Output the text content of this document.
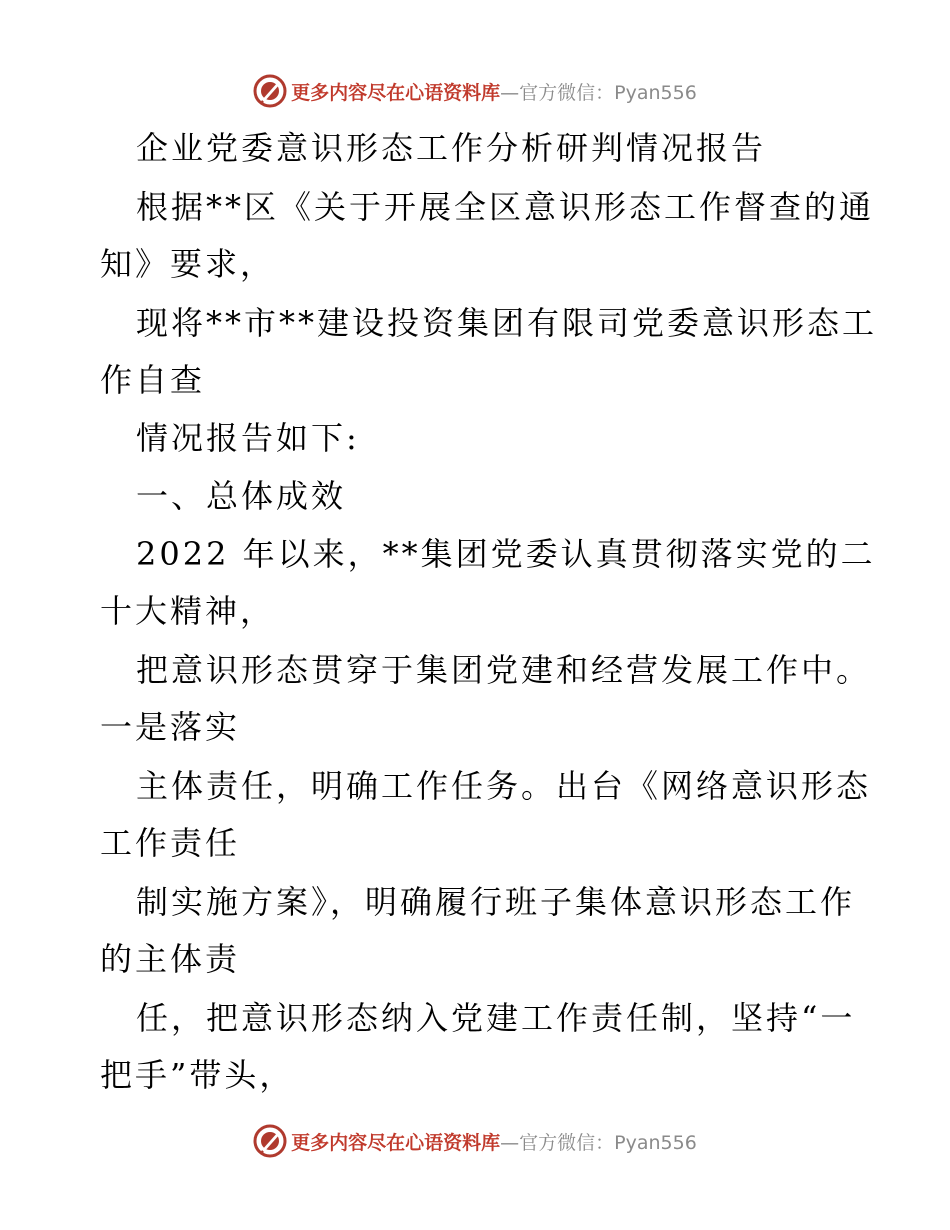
更多内容尽在心语资料库—官方微信：Pyan556
企业党委意识形态工作分析研判情况报告
根据**区《关于开展全区意识形态工作督查的通
知》要求，
现将**市**建设投资集团有限司党委意识形态工
作自查
情况报告如下:
一、总体成效
2022 年以来，**集团党委认真贯彻落实党的二
十大精神，
把意识形态贯穿于集团党建和经营发展工作中。
一是落实
主体责任，明确工作任务。出台《网络意识形态
工作责任
制实施方案》，明确履行班子集体意识形态工作
的主体责
任，把意识形态纳入党建工作责任制，坚持“一
把手”带头，
更多内容尽在心语资料库—官方微信：Pyan556
